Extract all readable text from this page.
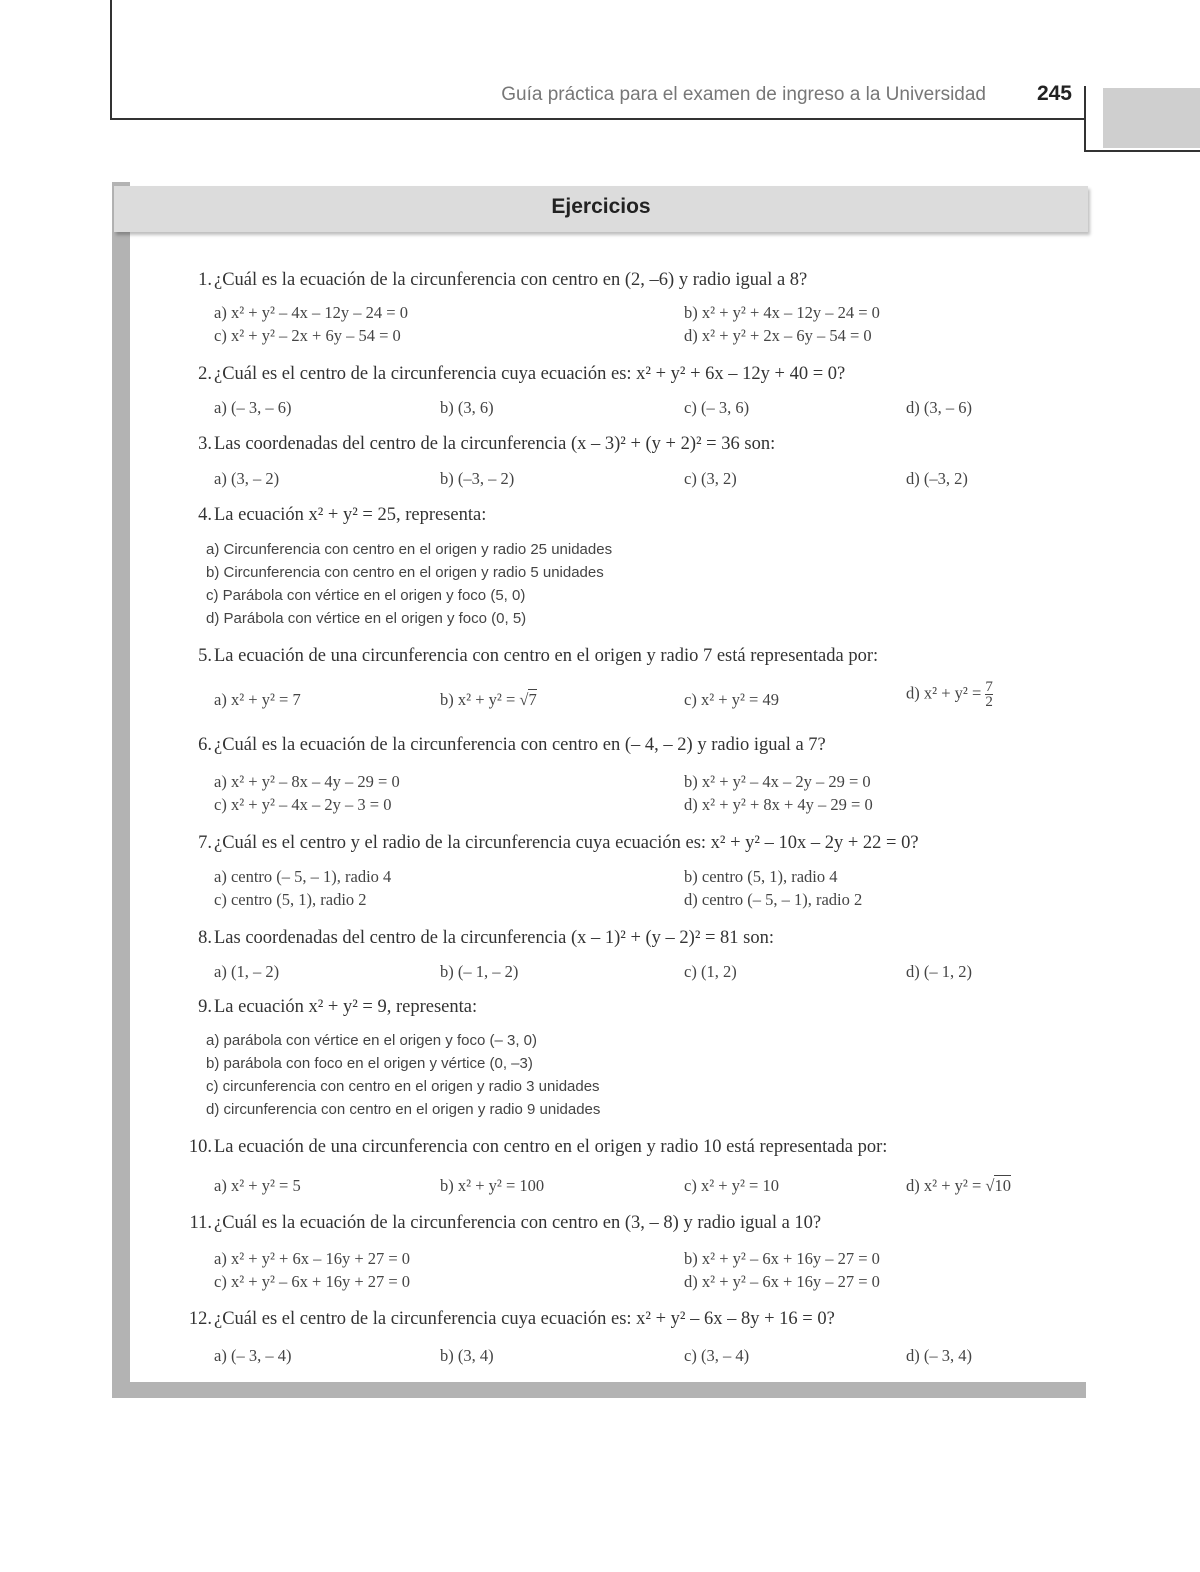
Guía práctica para el examen de ingreso a la Universidad	245
Ejercicios
1. ¿Cuál es la ecuación de la circunferencia con centro en (2, –6) y radio igual a 8?
a) x² + y² – 4x – 12y – 24 = 0	b) x² + y² + 4x – 12y – 24 = 0
c) x² + y² – 2x + 6y – 54 = 0	d) x² + y² + 2x – 6y – 54 = 0
2. ¿Cuál es el centro de la circunferencia cuya ecuación es: x² + y² + 6x – 12y + 40 = 0?
a) (– 3, – 6)	b) (3, 6)	c) (– 3, 6)	d) (3, – 6)
3. Las coordenadas del centro de la circunferencia (x – 3)² + (y + 2)² = 36 son:
a) (3, – 2)	b) (–3, – 2)	c) (3, 2)	d) (–3, 2)
4. La ecuación x² + y² = 25, representa:
a) Circunferencia con centro en el origen y radio 25 unidades
b) Circunferencia con centro en el origen y radio 5 unidades
c) Parábola con vértice en el origen y foco (5, 0)
d) Parábola con vértice en el origen y foco (0, 5)
5. La ecuación de una circunferencia con centro en el origen y radio 7 está representada por:
a) x² + y² = 7	b) x² + y² = √7	c) x² + y² = 49	d) $x^2 + y^2 = \frac{7}{2}$
6. ¿Cuál es la ecuación de la circunferencia con centro en (– 4, – 2) y radio igual a 7?
a) x² + y² – 8x – 4y – 29 = 0	b) x² + y² – 4x – 2y – 29 = 0
c) x² + y² – 4x – 2y – 3 = 0	d) x² + y² + 8x + 4y – 29 = 0
7. ¿Cuál es el centro y el radio de la circunferencia cuya ecuación es: x² + y² – 10x – 2y + 22 = 0?
a) centro (– 5, – 1), radio 4	b) centro (5, 1), radio 4
c) centro (5, 1), radio 2	d) centro (– 5, – 1), radio 2
8. Las coordenadas del centro de la circunferencia (x – 1)² + (y – 2)² = 81 son:
a) (1, – 2)	b) (– 1, – 2)	c) (1, 2)	d) (– 1, 2)
9. La ecuación x² + y² = 9, representa:
a) parábola con vértice en el origen y foco (– 3, 0)
b) parábola con foco en el origen y vértice (0, –3)
c) circunferencia con centro en el origen y radio 3 unidades
d) circunferencia con centro en el origen y radio 9 unidades
10. La ecuación de una circunferencia con centro en el origen y radio 10 está representada por:
a) x² + y² = 5	b) x² + y² = 100	c) x² + y² = 10	d) x² + y² = √10
11. ¿Cuál es la ecuación de la circunferencia con centro en (3, – 8) y radio igual a 10?
a) x² + y² + 6x – 16y + 27 = 0	b) x² + y² – 6x + 16y – 27 = 0
c) x² + y² – 6x + 16y + 27 = 0	d) x² + y² – 6x + 16y – 27 = 0
12. ¿Cuál es el centro de la circunferencia cuya ecuación es: x² + y² – 6x – 8y + 16 = 0?
a) (– 3, – 4)	b) (3, 4)	c) (3, – 4)	d) (– 3, 4)
